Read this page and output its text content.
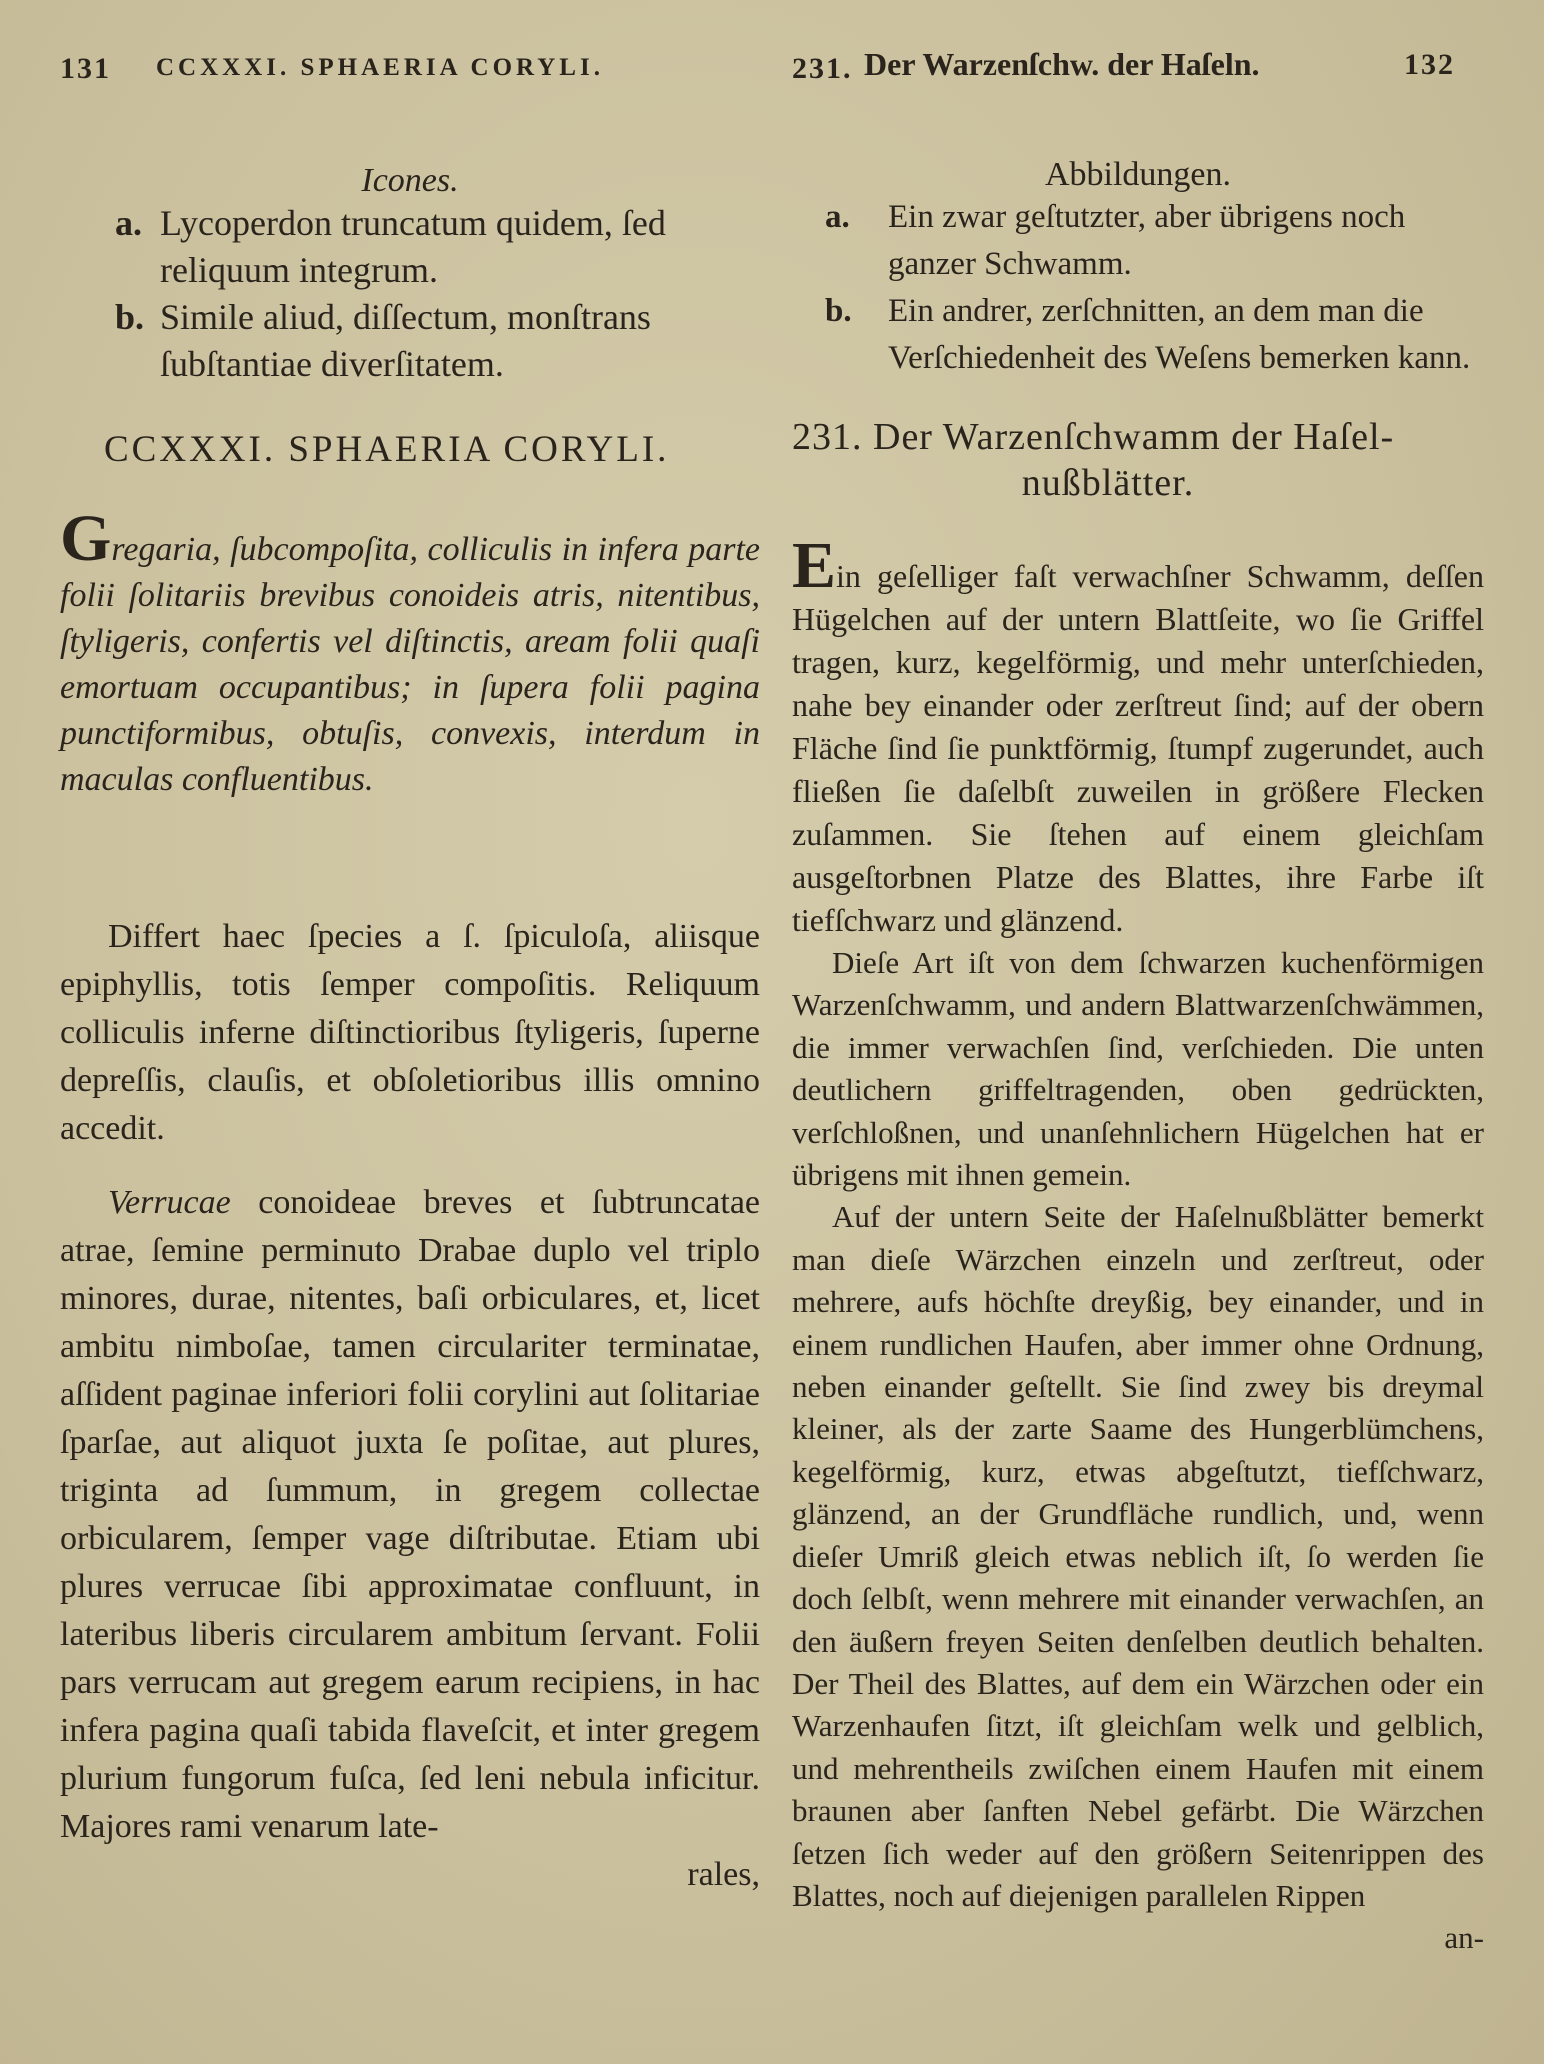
131 CCXXXI. SPHAERIA CORYLI.
Icones.
a. Lycoperdon truncatum quidem, ſed reliquum integrum.
b. Simile aliud, diſſectum, monſtrans ſubſtantiae diverſitatem.
CCXXXI. SPHAERIA CORYLI.
Gregaria, ſubcompoſita, colliculis in infera parte folii ſolitariis brevibus conoideis atris, nitentibus, ſtyligeris, confertis vel diſtinctis, aream folii quaſi emortuam occupantibus; in ſupera folii pagina punctiformibus, obtuſis, convexis, interdum in maculas confluentibus.
Differt haec ſpecies a ſ. ſpiculoſa, aliisque epiphyllis, totis ſemper compoſitis. Reliquum colliculis inferne diſtinctioribus ſtyligeris, ſuperne depreſſis, clauſis, et obſoletioribus illis omnino accedit.
Verrucae conoideae breves et ſubtruncatae atrae, ſemine perminuto Drabae duplo vel triplo minores, durae, nitentes, baſi orbiculares, et, licet ambitu nimboſae, tamen circulariter terminatae, aſſident paginae inferiori folii corylini aut ſolitariae ſparſae, aut aliquot juxta ſe poſitae, aut plures, triginta ad ſummum, in gregem collectae orbicularem, ſemper vage diſtributae. Etiam ubi plures verrucae ſibi approximatae confluunt, in lateribus liberis circularem ambitum ſervant. Folii pars verrucam aut gregem earum recipiens, in hac infera pagina quaſi tabida flaveſcit, et inter gregem plurium fungorum fuſca, ſed leni nebula inficitur. Majores rami venarum late-
rales,
231. Der Warzenſchw. der Haſeln.	132
Abbildungen.
a. Ein zwar geſtutzter, aber übrigens noch ganzer Schwamm.
b. Ein andrer, zerſchnitten, an dem man die Verſchiedenheit des Weſens bemerken kann.
231. Der Warzenſchwamm der Haſel-
nußblätter.
Ein geſelliger faſt verwachſner Schwamm, deſſen Hügelchen auf der untern Blattſeite, wo ſie Griffel tragen, kurz, kegelförmig, und mehr unterſchieden, nahe bey einander oder zerſtreut ſind; auf der obern Fläche ſind ſie punktförmig, ſtumpf zugerundet, auch fließen ſie daſelbſt zuweilen in größere Flecken zuſammen. Sie ſtehen auf einem gleichſam ausgeſtorbnen Platze des Blattes, ihre Farbe iſt tiefſchwarz und glänzend.
Dieſe Art iſt von dem ſchwarzen kuchenförmigen Warzenſchwamm, und andern Blattwarzenſchwämmen, die immer verwachſen ſind, verſchieden. Die unten deutlichern griffeltragenden, oben gedrückten, verſchloßnen, und unanſehnlichern Hügelchen hat er übrigens mit ihnen gemein.
Auf der untern Seite der Haſelnußblätter bemerkt man dieſe Wärzchen einzeln und zerſtreut, oder mehrere, aufs höchſte dreyßig, bey einander, und in einem rundlichen Haufen, aber immer ohne Ordnung, neben einander geſtellt. Sie ſind zwey bis dreymal kleiner, als der zarte Saame des Hungerblümchens, kegelförmig, kurz, etwas abgeſtutzt, tiefſchwarz, glänzend, an der Grundfläche rundlich, und, wenn dieſer Umriß gleich etwas neblich iſt, ſo werden ſie doch ſelbſt, wenn mehrere mit einander verwachſen, an den äußern freyen Seiten denſelben deutlich behalten. Der Theil des Blattes, auf dem ein Wärzchen oder ein Warzenhaufen ſitzt, iſt gleichſam welk und gelblich, und mehrentheils zwiſchen einem Haufen mit einem braunen aber ſanften Nebel gefärbt. Die Wärzchen ſetzen ſich weder auf den größern Seitenrippen des Blattes, noch auf diejenigen parallelen Rippen
an-
